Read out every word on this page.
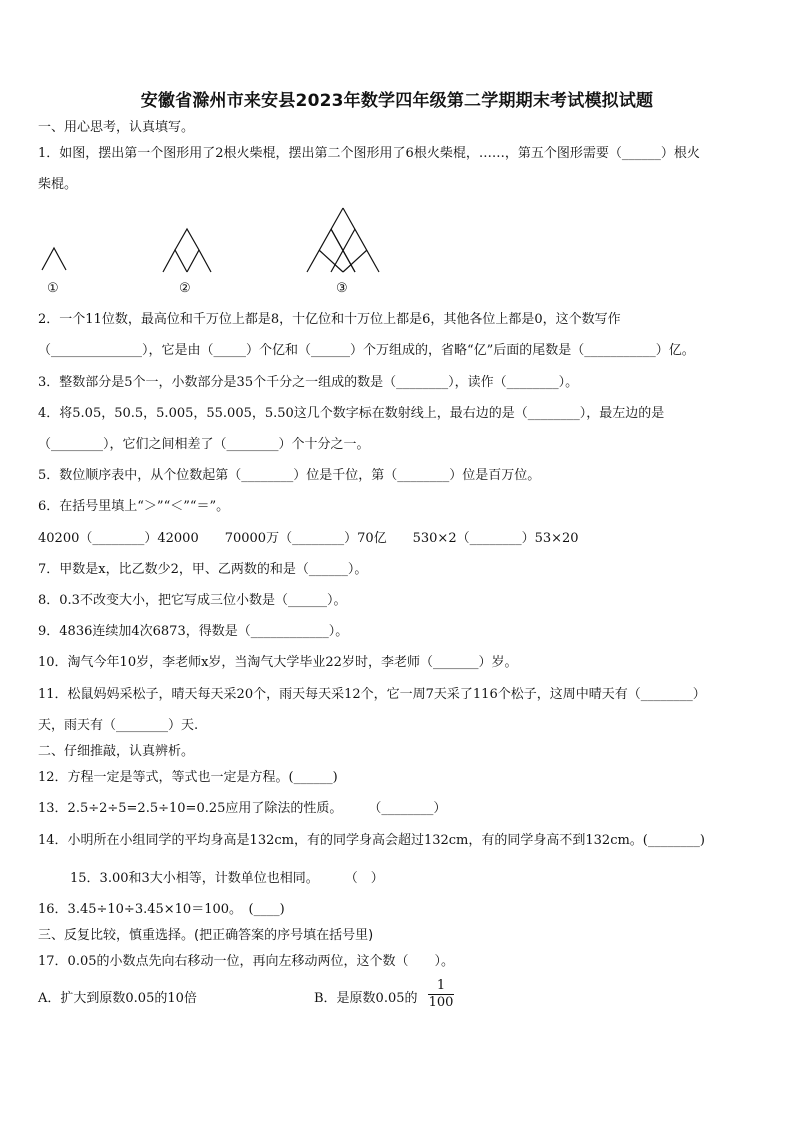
安徽省滁州市来安县2023年数学四年级第二学期期末考试模拟试题
一、用心思考，认真填写。
1．如图，摆出第一个图形用了2根火柴棍，摆出第二个图形用了6根火柴棍，……，第五个图形需要（______）根火
柴棍。
①	②	③
2．一个11位数，最高位和千万位上都是8，十亿位和十万位上都是6，其他各位上都是0，这个数写作
（______________），它是由（_____）个亿和（______）个万组成的，省略“亿”后面的尾数是（___________）亿。
3．整数部分是5个一，小数部分是35个千分之一组成的数是（________），读作（________）。
4．将5.05，50.5，5.005，55.005，5.50这几个数字标在数射线上，最右边的是（________），最左边的是
（________），它们之间相差了（________）个十分之一。
5．数位顺序表中，从个位数起第（________）位是千位，第（________）位是百万位。
6．在括号里填上“＞”“＜”“＝”。
40200（________）42000　　70000万（________）70亿　　530×2（________）53×20
7．甲数是x，比乙数少2，甲、乙两数的和是（______）。
8．0.3不改变大小，把它写成三位小数是（______）。
9．4836连续加4次6873，得数是（____________）。
10．淘气今年10岁，李老师x岁，当淘气大学毕业22岁时，李老师（_______）岁。
11．松鼠妈妈采松子，晴天每天采20个，雨天每天采12个，它一周7天采了116个松子，这周中晴天有（________）
天，雨天有（________）天.
二、仔细推敲，认真辨析。
12．方程一定是等式，等式也一定是方程。(______)
13．2.5÷2÷5=2.5÷10=0.25应用了除法的性质。　　　（________）
14．小明所在小组同学的平均身高是132cm，有的同学身高会超过132cm，有的同学身高不到132cm。(________)
15．3.00和3大小相等，计数单位也相同。　　　（　）
16．3.45÷10÷3.45×10＝100。　(____)
三、反复比较，慎重选择。(把正确答案的序号填在括号里)
17．0.05的小数点先向右移动一位，再向左移动两位，这个数（　　）。
A．扩大到原数0.05的10倍	B．是原数0.05的 $\frac{1}{100}$
